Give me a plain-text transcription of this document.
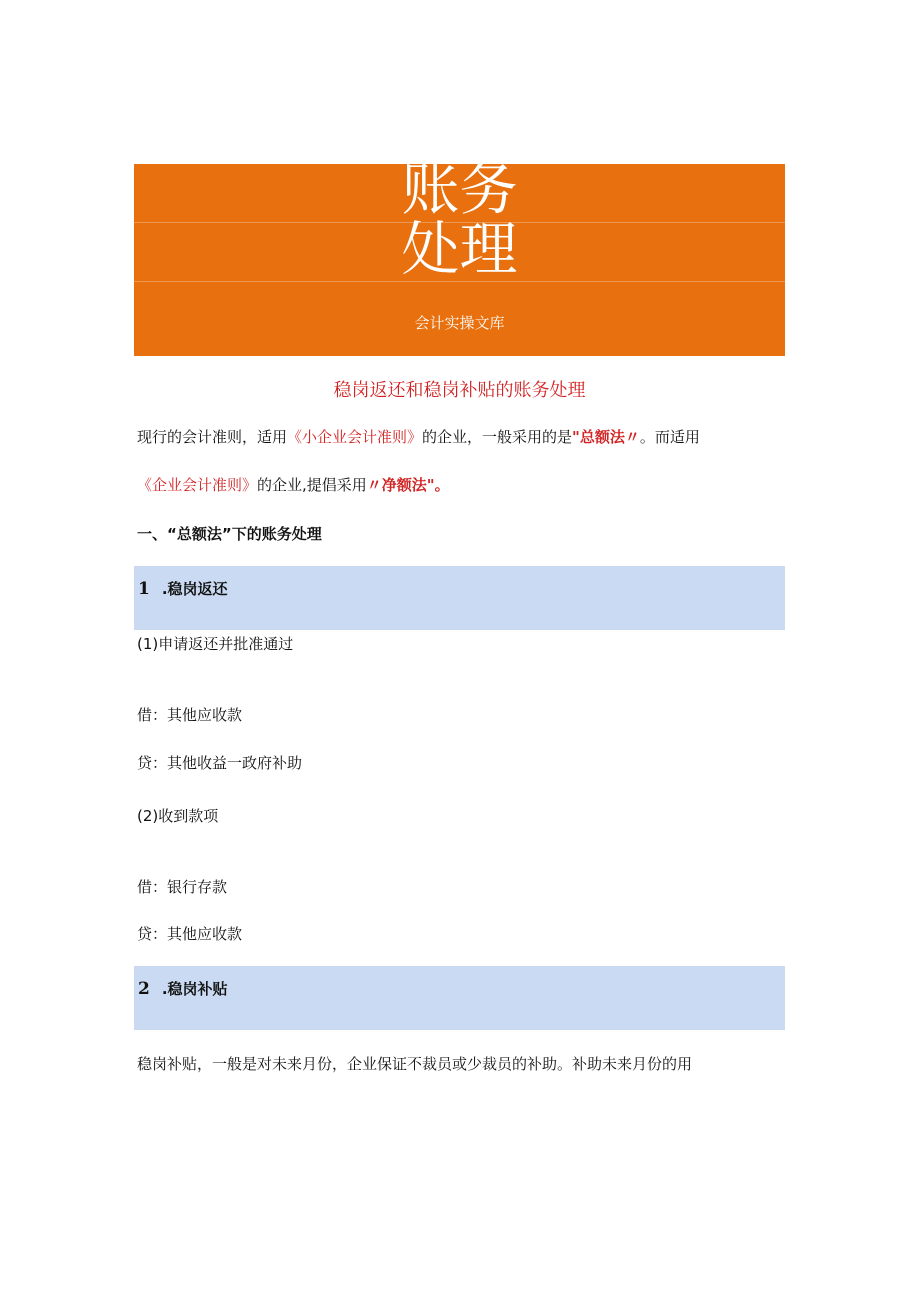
账务
处理
会计实操文库
稳岗返还和稳岗补贴的账务处理
现行的会计准则，适用《小企业会计准则》的企业，一般采用的是"总额法〃。而适用
《企业会计准则》的企业,提倡采用〃净额法"。
一、“总额法”下的账务处理
1 .稳岗返还
(1)申请返还并批准通过
借：其他应收款
贷：其他收益一政府补助
(2)收到款项
借：银行存款
贷：其他应收款
2 .稳岗补贴
稳岗补贴，一般是对未来月份，企业保证不裁员或少裁员的补助。补助未来月份的用
